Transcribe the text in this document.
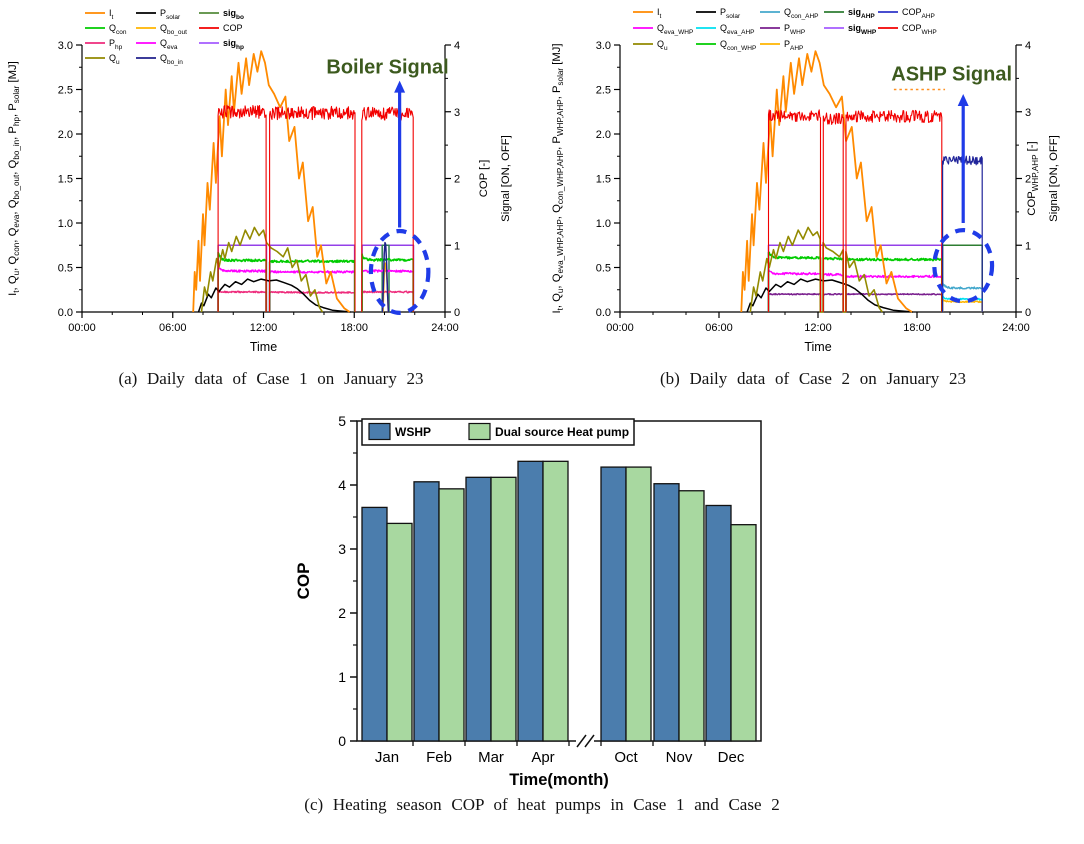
0.0
0.5
1.0
1.5
2.0
2.5
3.0
0
1
2
3
4
00:00	06:00	12:00	18:00	24:00
Time
$I_t$, $Q_u$, $Q_{con}$, $Q_{eva}$, $Q_{bo\_out}$, $Q_{bo\_in}$, $P_{hp}$, $P_{solar}$ [MJ]
COP [-] Signal [ON, OFF]
$I_t$
$Q_{con}$
$P_{hp}$
$Q_u$
$P_{solar}$
$Q_{bo\_out}$
$Q_{eva}$
$Q_{bo\_in}$
sig$_{bo}$
COP
sig$_{hp}$
Boiler Signal
(a) Daily data of Case 1 on January 23
0.0
0.5
1.0
1.5
2.0
2.5
3.0
0
1
2
3
4
00:00	06:00	12:00	18:00	24:00
Time
$I_t$, $Q_u$, $Q_{eva\_WHP,AHP}$, $Q_{con\_WHP,AHP}$, $P_{WHP,AHP}$, $P_{solar}$ [MJ]
$COP_{WHP,AHP}$ [-] Signal [ON, OFF]
$I_t$
$Q_{eva\_WHP}$
$Q_u$
$P_{solar}$
$Q_{eva\_AHP}$
$Q_{con\_WHP}$
$Q_{con\_AHP}$
$P_{WHP}$
$P_{AHP}$
sig$_{AHP}$
sig$_{WHP}$
$COP_{AHP}$
$COP_{WHP}$
ASHP Signal
(b) Daily data of Case 2 on January 23
0
1
2
3
4
5
Jan Feb Mar Apr	Oct Nov Dec
Time(month)
COP
WSHP	Dual source Heat pump
(c) Heating season COP of heat pumps in Case 1 and Case 2
